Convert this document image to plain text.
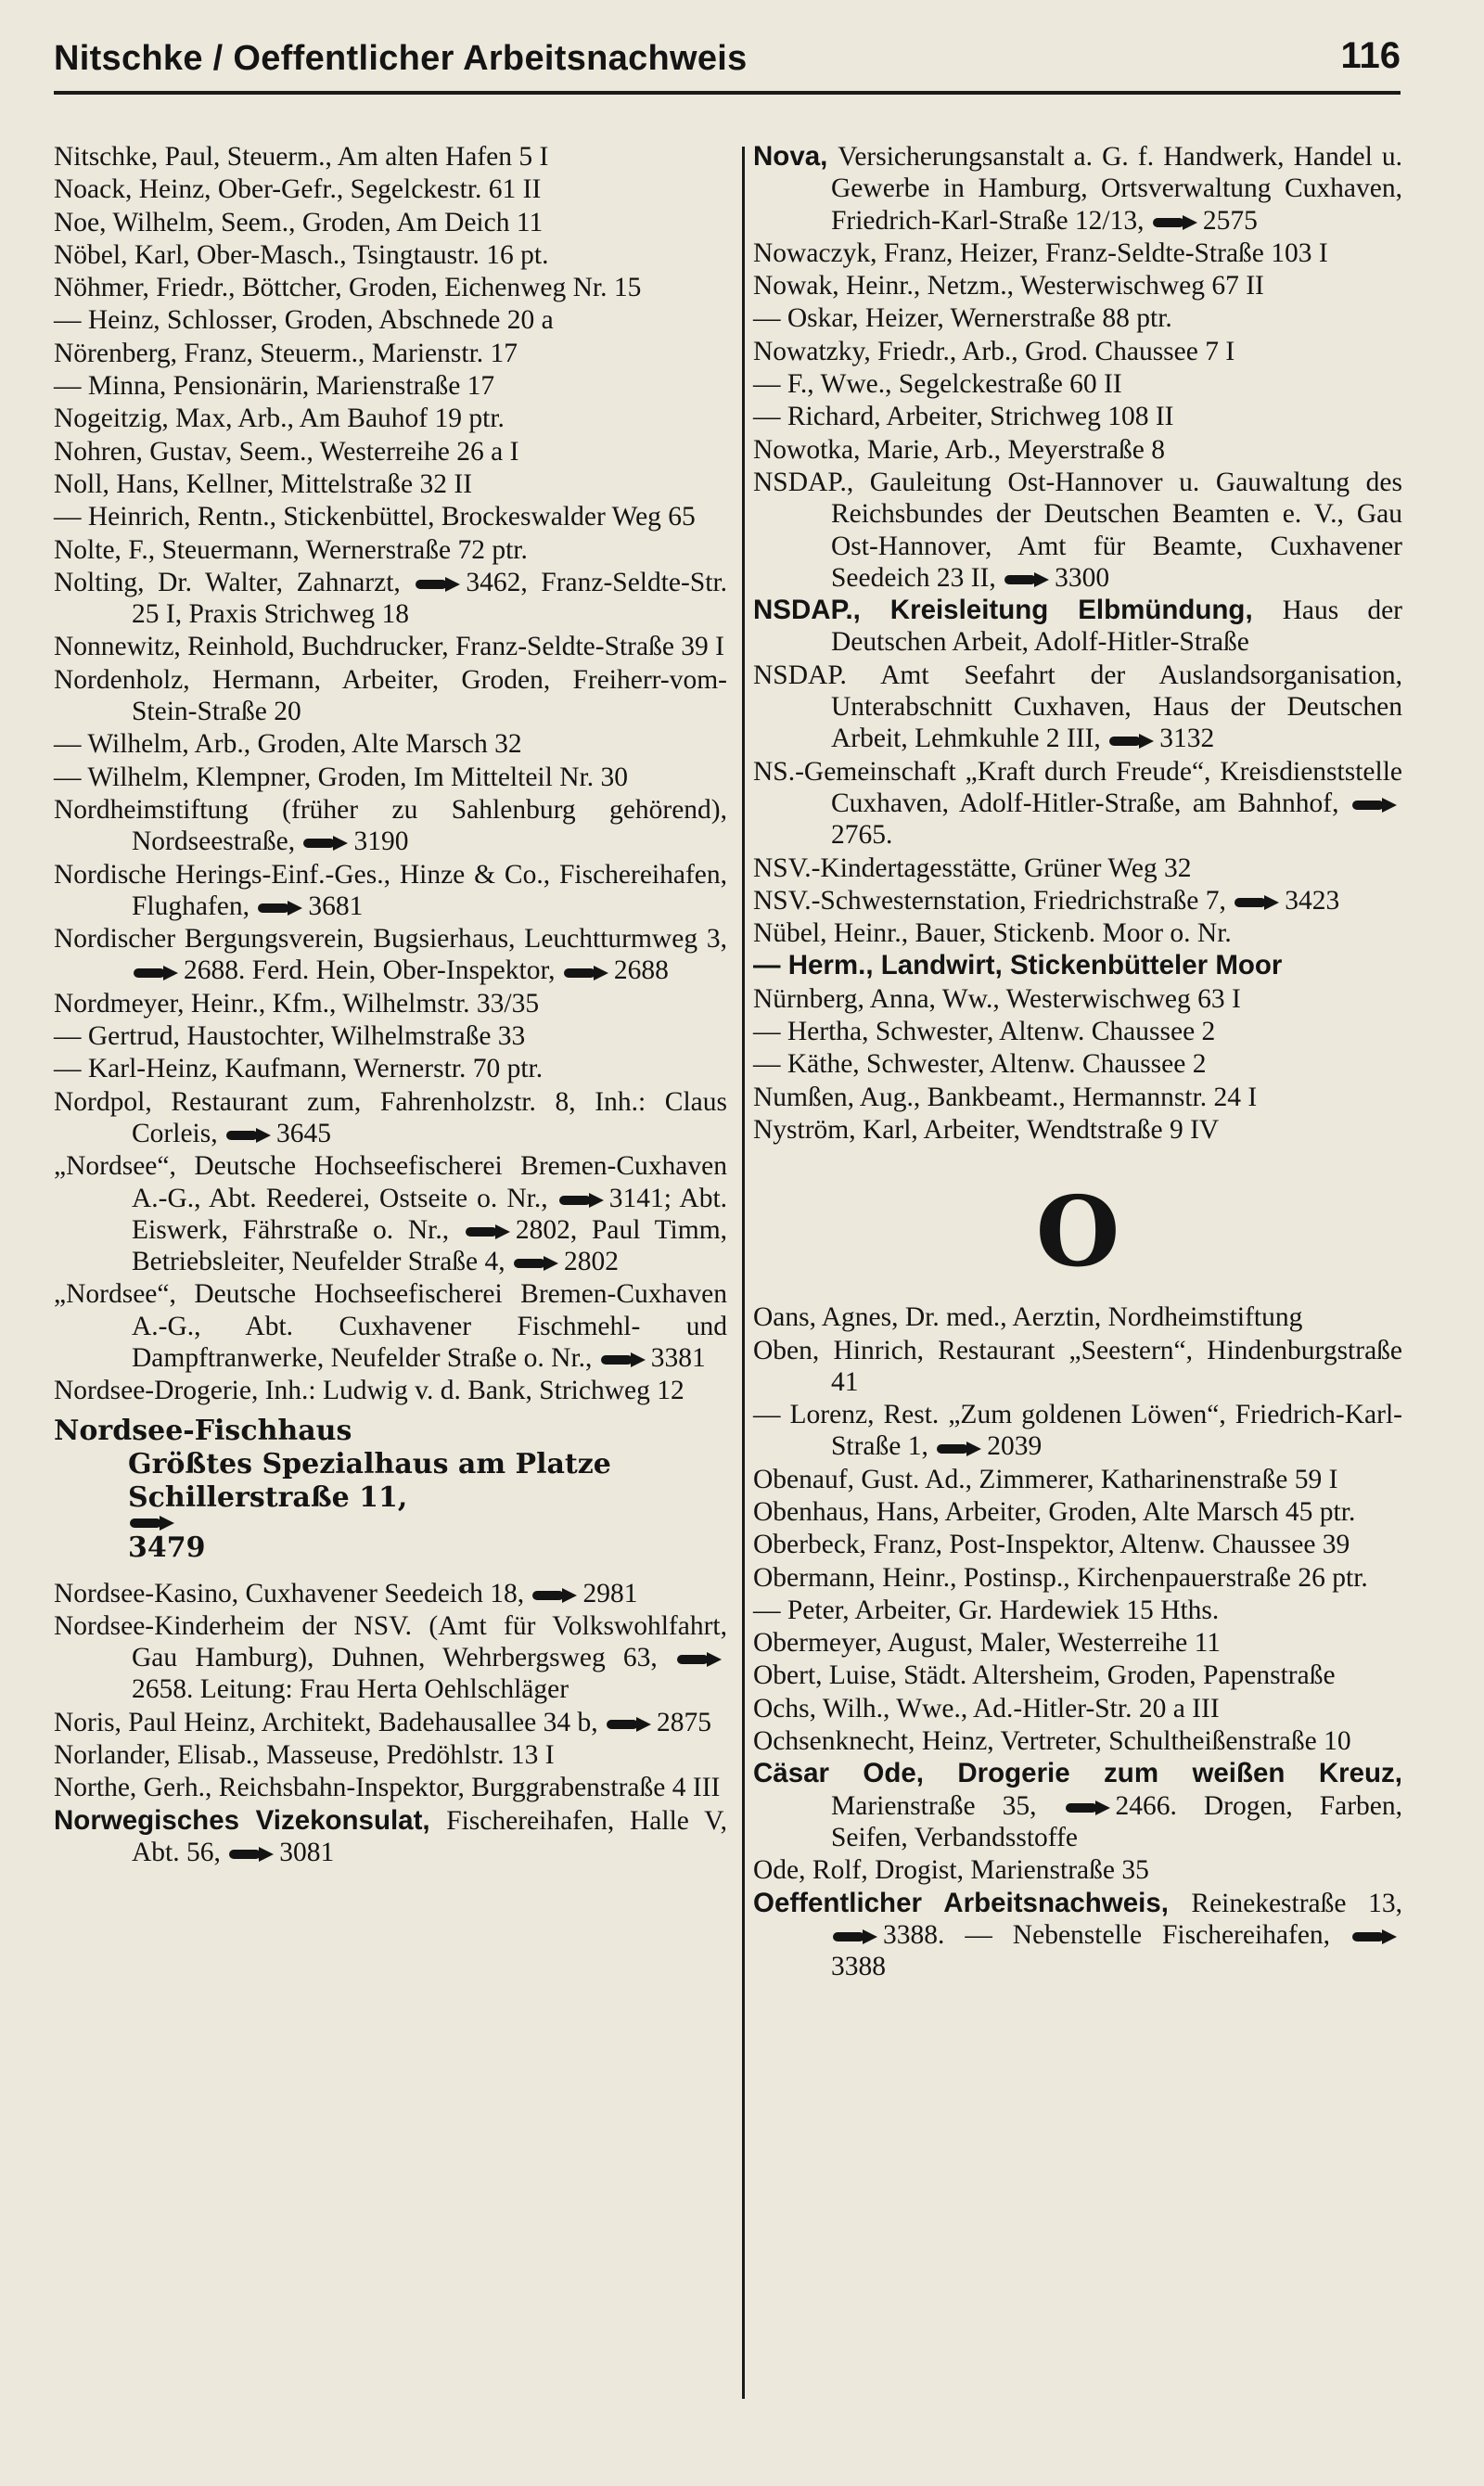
Nitschke / Oeffentlicher Arbeitsnachweis	116
Nitschke, Paul, Steuerm., Am alten Hafen 5 I
Noack, Heinz, Ober-Gefr., Segelckestr. 61 II
Noe, Wilhelm, Seem., Groden, Am Deich 11
Nöbel, Karl, Ober-Masch., Tsingtaustr. 16 pt.
Nöhmer, Friedr., Böttcher, Groden, Eichenweg Nr. 15
— Heinz, Schlosser, Groden, Abschnede 20 a
Nörenberg, Franz, Steuerm., Marienstr. 17
— Minna, Pensionärin, Marienstraße 17
Nogeitzig, Max, Arb., Am Bauhof 19 ptr.
Nohren, Gustav, Seem., Westerreihe 26 a I
Noll, Hans, Kellner, Mittelstraße 32 II
— Heinrich, Rentn., Stickenbüttel, Brockeswalder Weg 65
Nolte, F., Steuermann, Wernerstraße 72 ptr.
Nolting, Dr. Walter, Zahnarzt, 3462, Franz-Seldte-Str. 25 I, Praxis Strichweg 18
Nonnewitz, Reinhold, Buchdrucker, Franz-Seldte-Straße 39 I
Nordenholz, Hermann, Arbeiter, Groden, Freiherr-vom-Stein-Straße 20
— Wilhelm, Arb., Groden, Alte Marsch 32
— Wilhelm, Klempner, Groden, Im Mittelteil Nr. 30
Nordheimstiftung (früher zu Sahlenburg gehörend), Nordseestraße, 3190
Nordische Herings-Einf.-Ges., Hinze & Co., Fischereihafen, Flughafen, 3681
Nordischer Bergungsverein, Bugsierhaus, Leuchtturmweg 3, 2688. Ferd. Hein, Ober-Inspektor, 2688
Nordmeyer, Heinr., Kfm., Wilhelmstr. 33/35
— Gertrud, Haustochter, Wilhelmstraße 33
— Karl-Heinz, Kaufmann, Wernerstr. 70 ptr.
Nordpol, Restaurant zum, Fahrenholzstr. 8, Inh.: Claus Corleis, 3645
„Nordsee“, Deutsche Hochseefischerei Bremen-Cuxhaven A.-G., Abt. Reederei, Ostseite o. Nr., 3141; Abt. Eiswerk, Fährstraße o. Nr., 2802, Paul Timm, Betriebsleiter, Neufelder Straße 4, 2802
„Nordsee“, Deutsche Hochseefischerei Bremen-Cuxhaven A.-G., Abt. Cuxhavener Fischmehl- und Dampftranwerke, Neufelder Straße o. Nr., 3381
Nordsee-Drogerie, Inh.: Ludwig v. d. Bank, Strichweg 12
Nordsee-Fischhaus
Größtes Spezialhaus am Platze
Schillerstraße 11,
3479
Nordsee-Kasino, Cuxhavener Seedeich 18, 2981
Nordsee-Kinderheim der NSV. (Amt für Volkswohlfahrt, Gau Hamburg), Duhnen, Wehrbergsweg 63, 2658. Leitung: Frau Herta Oehlschläger
Noris, Paul Heinz, Architekt, Badehausallee 34 b, 2875
Norlander, Elisab., Masseuse, Predöhlstr. 13 I
Northe, Gerh., Reichsbahn-Inspektor, Burggrabenstraße 4 III
Norwegisches Vizekonsulat, Fischereihafen, Halle V, Abt. 56, 3081
Nova, Versicherungsanstalt a. G. f. Handwerk, Handel u. Gewerbe in Hamburg, Ortsverwaltung Cuxhaven, Friedrich-Karl-Straße 12/13, 2575
Nowaczyk, Franz, Heizer, Franz-Seldte-Straße 103 I
Nowak, Heinr., Netzm., Westerwischweg 67 II
— Oskar, Heizer, Wernerstraße 88 ptr.
Nowatzky, Friedr., Arb., Grod. Chaussee 7 I
— F., Wwe., Segelckestraße 60 II
— Richard, Arbeiter, Strichweg 108 II
Nowotka, Marie, Arb., Meyerstraße 8
NSDAP., Gauleitung Ost-Hannover u. Gauwaltung des Reichsbundes der Deutschen Beamten e. V., Gau Ost-Hannover, Amt für Beamte, Cuxhavener Seedeich 23 II, 3300
NSDAP., Kreisleitung Elbmündung, Haus der Deutschen Arbeit, Adolf-Hitler-Straße
NSDAP. Amt Seefahrt der Auslandsorganisation, Unterabschnitt Cuxhaven, Haus der Deutschen Arbeit, Lehmkuhle 2 III, 3132
NS.-Gemeinschaft „Kraft durch Freude“, Kreisdienststelle Cuxhaven, Adolf-Hitler-Straße, am Bahnhof, 2765.
NSV.-Kindertagesstätte, Grüner Weg 32
NSV.-Schwesternstation, Friedrichstraße 7, 3423
Nübel, Heinr., Bauer, Stickenb. Moor o. Nr.
— Herm., Landwirt, Stickenbütteler Moor
Nürnberg, Anna, Ww., Westerwischweg 63 I
— Hertha, Schwester, Altenw. Chaussee 2
— Käthe, Schwester, Altenw. Chaussee 2
Numßen, Aug., Bankbeamt., Hermannstr. 24 I
Nyström, Karl, Arbeiter, Wendtstraße 9 IV
O
Oans, Agnes, Dr. med., Aerztin, Nordheimstiftung
Oben, Hinrich, Restaurant „Seestern“, Hindenburgstraße 41
— Lorenz, Rest. „Zum goldenen Löwen“, Friedrich-Karl-Straße 1, 2039
Obenauf, Gust. Ad., Zimmerer, Katharinenstraße 59 I
Obenhaus, Hans, Arbeiter, Groden, Alte Marsch 45 ptr.
Oberbeck, Franz, Post-Inspektor, Altenw. Chaussee 39
Obermann, Heinr., Postinsp., Kirchenpauerstraße 26 ptr.
— Peter, Arbeiter, Gr. Hardewiek 15 Hths.
Obermeyer, August, Maler, Westerreihe 11
Obert, Luise, Städt. Altersheim, Groden, Papenstraße
Ochs, Wilh., Wwe., Ad.-Hitler-Str. 20 a III
Ochsenknecht, Heinz, Vertreter, Schultheißenstraße 10
Cäsar Ode, Drogerie zum weißen Kreuz, Marienstraße 35,	2466. Drogen, Farben, Seifen, Verbandsstoffe
Ode, Rolf, Drogist, Marienstraße 35
Oeffentlicher Arbeitsnachweis, Reinekestraße 13, 3388. — Nebenstelle Fischereihafen, 3388
